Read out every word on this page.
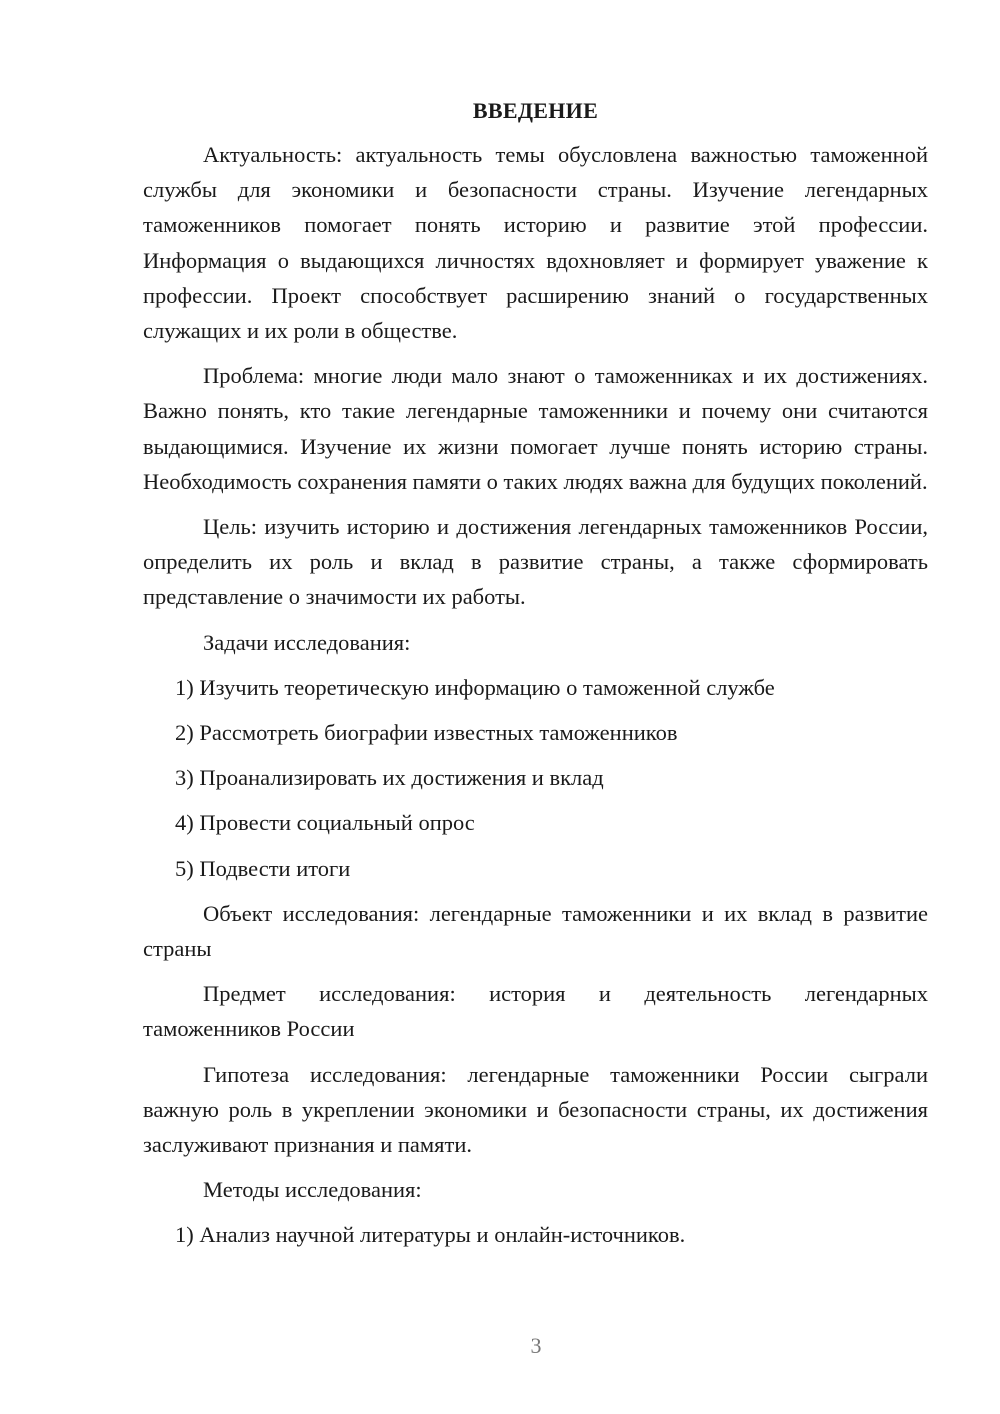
ВВЕДЕНИЕ

Актуальность: актуальность темы обусловлена важностью таможенной службы для экономики и безопасности страны. Изучение легендарных таможенников помогает понять историю и развитие этой профессии. Информация о выдающихся личностях вдохновляет и формирует уважение к профессии. Проект способствует расширению знаний о государственных служащих и их роли в обществе.

Проблема: многие люди мало знают о таможенниках и их достижениях. Важно понять, кто такие легендарные таможенники и почему они считаются выдающимися. Изучение их жизни помогает лучше понять историю страны. Необходимость сохранения памяти о таких людях важна для будущих поколений.

Цель: изучить историю и достижения легендарных таможенников России, определить их роль и вклад в развитие страны, а также сформировать представление о значимости их работы.

Задачи исследования:

1) Изучить теоретическую информацию о таможенной службе
2) Рассмотреть биографии известных таможенников
3) Проанализировать их достижения и вклад
4) Провести социальный опрос
5) Подвести итоги

Объект исследования: легендарные таможенники и их вклад в развитие страны

Предмет исследования: история и деятельность легендарных таможенников России

Гипотеза исследования: легендарные таможенники России сыграли важную роль в укреплении экономики и безопасности страны, их достижения заслуживают признания и памяти.

Методы исследования:

1) Анализ научной литературы и онлайн-источников.
3
